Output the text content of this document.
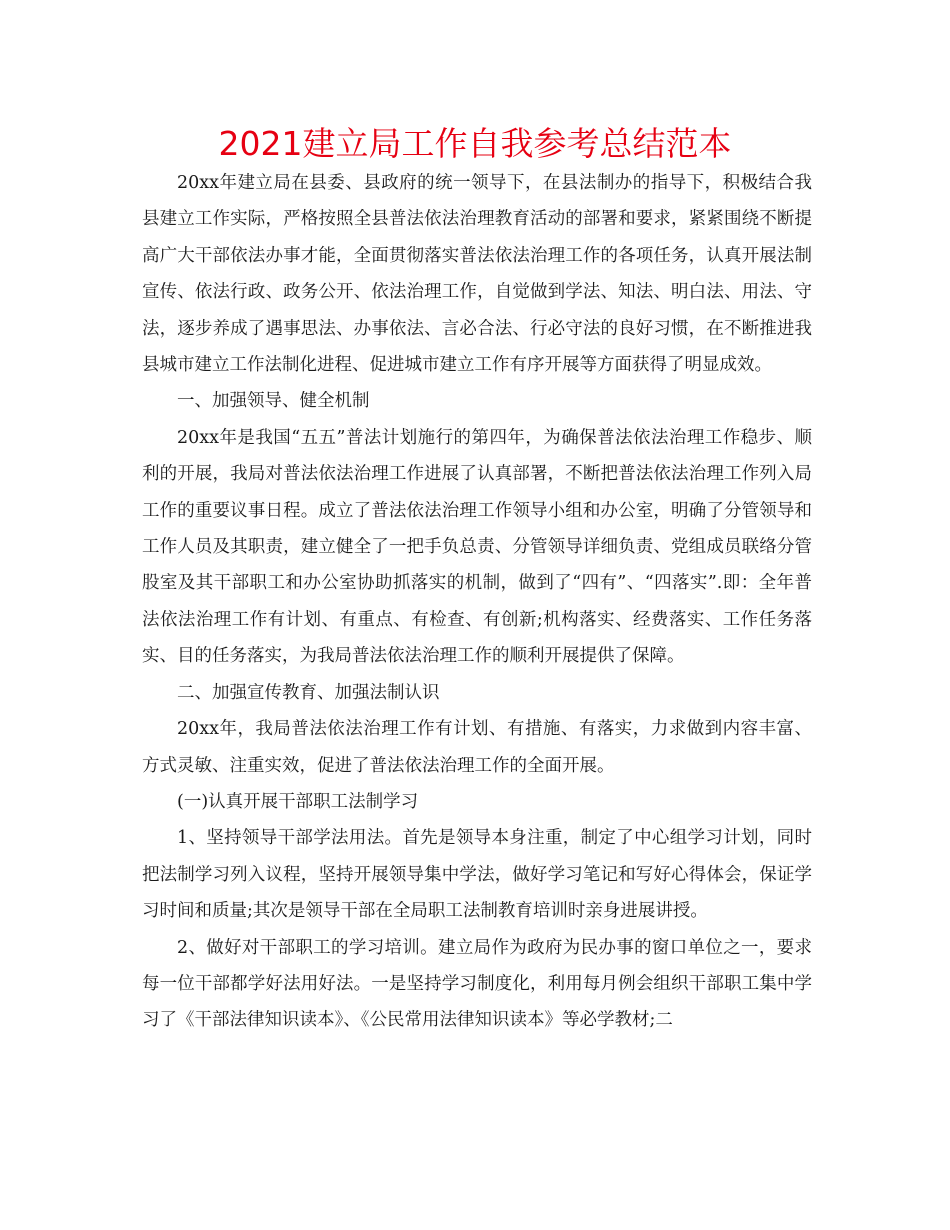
2021建立局工作自我参考总结范本

20xx年建立局在县委、县政府的统一领导下，在县法制办的指导下，积极结合我县建立工作实际，严格按照全县普法依法治理教育活动的部署和要求，紧紧围绕不断提高广大干部依法办事才能，全面贯彻落实普法依法治理工作的各项任务，认真开展法制宣传、依法行政、政务公开、依法治理工作，自觉做到学法、知法、明白法、用法、守法，逐步养成了遇事思法、办事依法、言必合法、行必守法的良好习惯，在不断推进我县城市建立工作法制化进程、促进城市建立工作有序开展等方面获得了明显成效。

一、加强领导、健全机制

20xx年是我国“五五”普法计划施行的第四年，为确保普法依法治理工作稳步、顺利的开展，我局对普法依法治理工作进展了认真部署，不断把普法依法治理工作列入局工作的重要议事日程。成立了普法依法治理工作领导小组和办公室，明确了分管领导和工作人员及其职责，建立健全了一把手负总责、分管领导详细负责、党组成员联络分管股室及其干部职工和办公室协助抓落实的机制，做到了“四有”、“四落实”.即：全年普法依法治理工作有计划、有重点、有检查、有创新;机构落实、经费落实、工作任务落实、目的任务落实，为我局普法依法治理工作的顺利开展提供了保障。

二、加强宣传教育、加强法制认识

20xx年，我局普法依法治理工作有计划、有措施、有落实，力求做到内容丰富、方式灵敏、注重实效，促进了普法依法治理工作的全面开展。

(一)认真开展干部职工法制学习

1、坚持领导干部学法用法。首先是领导本身注重，制定了中心组学习计划，同时把法制学习列入议程，坚持开展领导集中学法，做好学习笔记和写好心得体会，保证学习时间和质量;其次是领导干部在全局职工法制教育培训时亲身进展讲授。

2、做好对干部职工的学习培训。建立局作为政府为民办事的窗口单位之一，要求每一位干部都学好法用好法。一是坚持学习制度化，利用每月例会组织干部职工集中学习了《干部法律知识读本》、《公民常用法律知识读本》等必学教材;二
